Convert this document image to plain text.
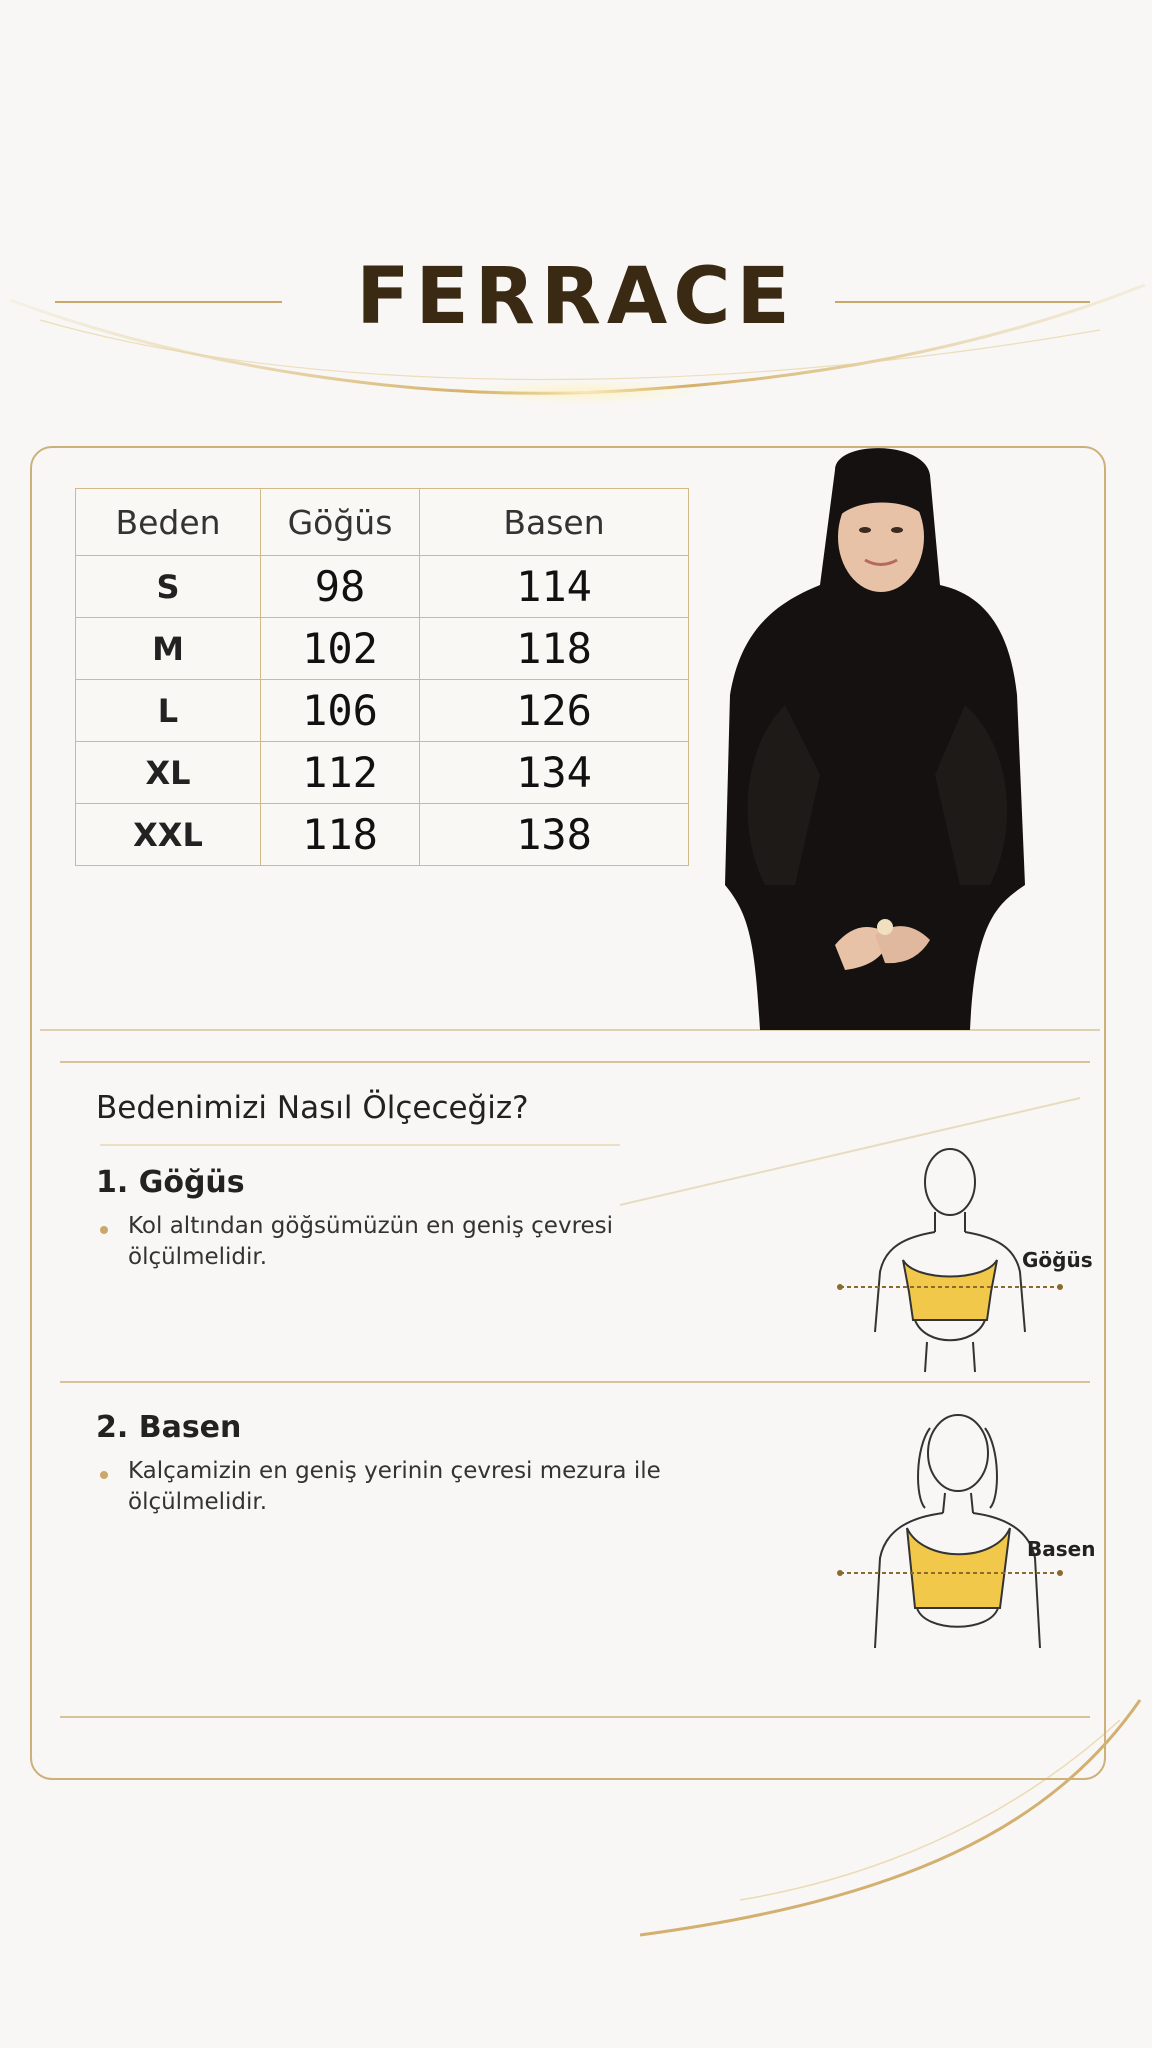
FERRACE
Beden	Göğüs	Basen
S	98	114
M	102	118
L	106	126
XL	112	134
XXL	118	138
Bedenimizi Nasıl Ölçeceğiz?
1. Göğüs
Kol altından göğsümüzün en geniş çevresi ölçülmelidir.	Göğüs
2. Basen
Kalçamizin en geniş yerinin çevresi mezura ile ölçülmelidir.
Basen
